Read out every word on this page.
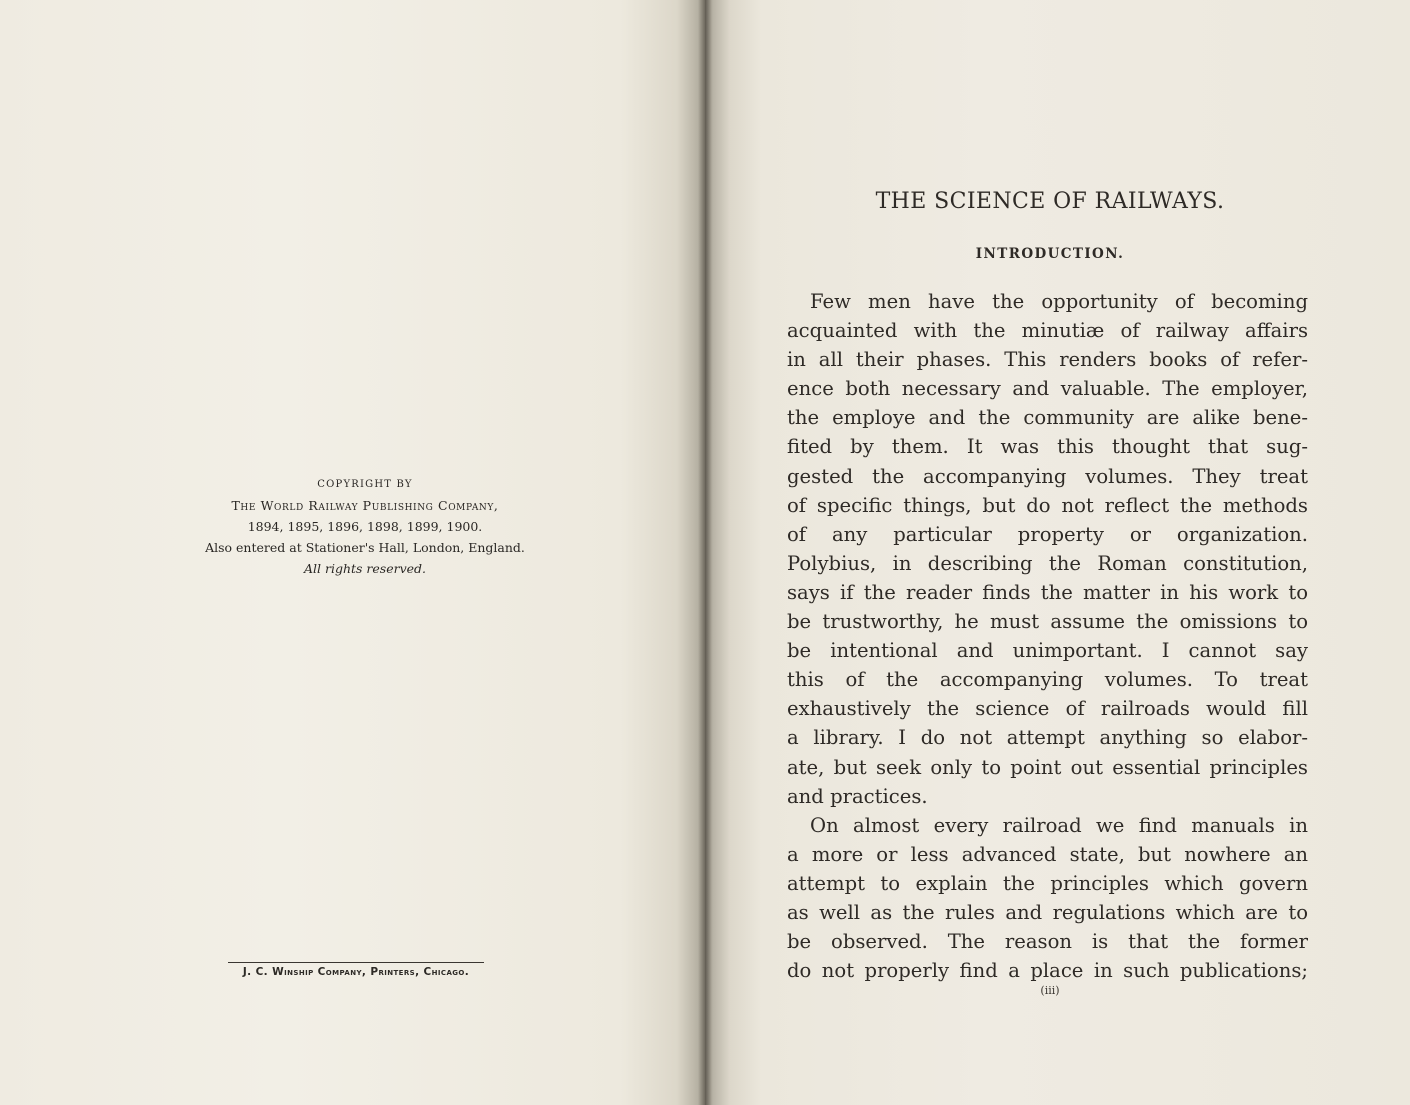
COPYRIGHT BY
The World Railway Publishing Company,
1894, 1895, 1896, 1898, 1899, 1900.
Also entered at Stationer's Hall, London, England.
All rights reserved.
J. C. Winship Company, Printers, Chicago.
THE SCIENCE OF RAILWAYS.
INTRODUCTION.
Few men have the opportunity of becoming
acquainted with the minutiæ of railway affairs
in all their phases. This renders books of refer-
ence both necessary and valuable. The employer,
the employe and the community are alike bene-
fited by them. It was this thought that sug-
gested the accompanying volumes. They treat
of specific things, but do not reflect the methods
of any particular property or organization.
Polybius, in describing the Roman constitution,
says if the reader finds the matter in his work to
be trustworthy, he must assume the omissions to
be intentional and unimportant. I cannot say
this of the accompanying volumes. To treat
exhaustively the science of railroads would fill
a library. I do not attempt anything so elabor-
ate, but seek only to point out essential principles
and practices.
On almost every railroad we find manuals in
a more or less advanced state, but nowhere an
attempt to explain the principles which govern
as well as the rules and regulations which are to
be observed. The reason is that the former
do not properly find a place in such publications;
(iii)
